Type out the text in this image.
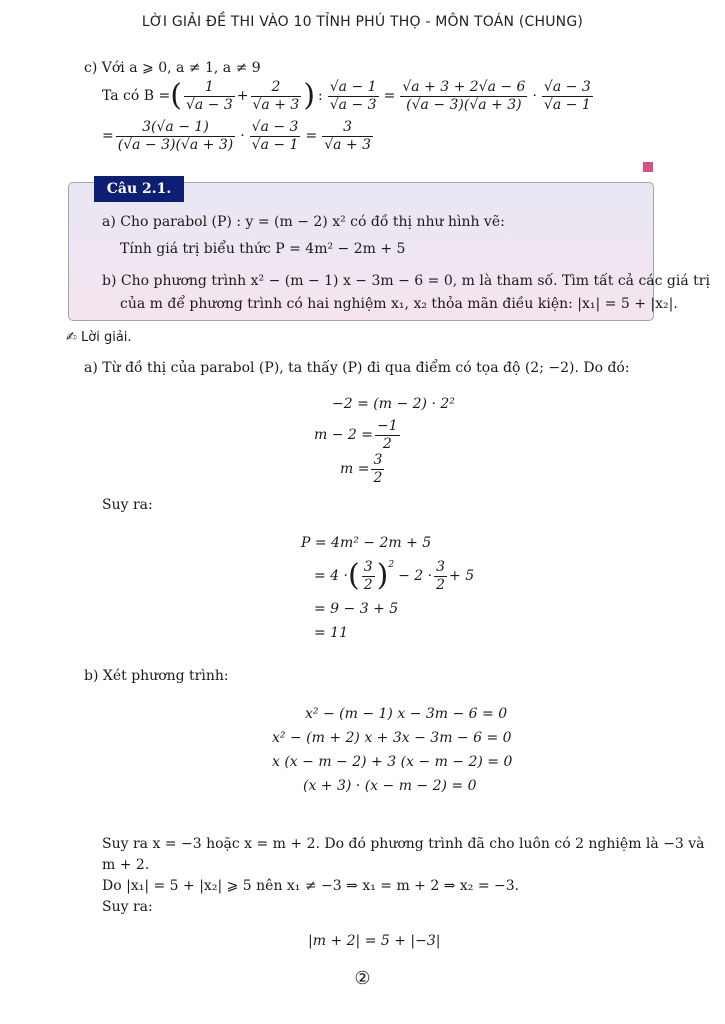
LỜI GIẢI ĐỀ THI VÀO 10 TỈNH PHÚ THỌ - MÔN TOÁN (CHUNG)
c) Với a ⩾ 0, a ≠ 1, a ≠ 9
Ta có B = ( $\frac{1}{√a - 3} + \frac{2}{√a + 3}$ ) : $\frac{√a - 1}{√a - 3} = \frac{√a + 3 + 2√a - 6}{(√a - 3)(√a + 3)} \cdot \frac{√a - 3}{√a - 1}$
= $\frac{3(√a - 1)}{(√a - 3)(√a + 3)} \cdot \frac{√a - 3}{√a - 1} = \frac{3}{√a + 3}$
Câu 2.1.
a) Cho parabol (P) : y = (m − 2) x² có đồ thị như hình vẽ:
Tính giá trị biểu thức P = 4m² − 2m + 5
b) Cho phương trình x² − (m − 1) x − 3m − 6 = 0, m là tham số. Tìm tất cả các giá trị
của m để phương trình có hai nghiệm x₁, x₂ thỏa mãn điều kiện: |x₁| = 5 + |x₂|.
✍ Lời giải.
a) Từ đồ thị của parabol (P), ta thấy (P) đi qua điểm có tọa độ (2; −2). Do đó:
−2 = (m − 2) · 2²
$m - 2 = \frac{-1}{2}$
$m = \frac{3}{2}$
Suy ra:
P = 4m² − 2m + 5
= 4 · ( $\frac{3}{2} )^2$
− $2 \cdot \frac{3}{2} + 5$
= 9 − 3 + 5
= 11
b) Xét phương trình:
x² − (m − 1) x − 3m − 6 = 0
x² − (m + 2) x + 3x − 3m − 6 = 0
x (x − m − 2) + 3 (x − m − 2) = 0
(x + 3) · (x − m − 2) = 0
Suy ra x = −3 hoặc x = m + 2. Do đó phương trình đã cho luôn có 2 nghiệm là −3 và
m + 2.
Do |x₁| = 5 + |x₂| ⩾ 5 nên x₁ ≠ −3 ⇒ x₁ = m + 2 ⇒ x₂ = −3.
Suy ra:
|m + 2| = 5 + |−3|
②
